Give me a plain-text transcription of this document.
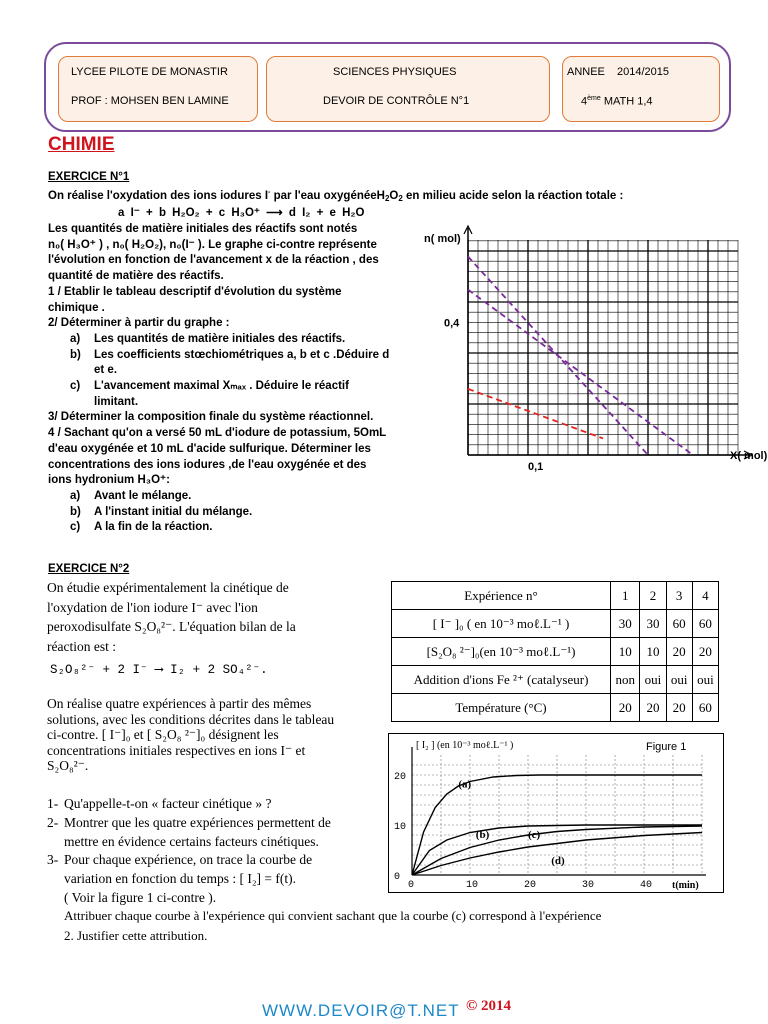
LYCEE PILOTE DE MONASTIR
PROF : MOHSEN BEN LAMINE
SCIENCES PHYSIQUES
DEVOIR DE CONTRÔLE N°1
ANNEE 2014/2015
4ème MATH 1,4
CHIMIE
EXERCICE N°1
On réalise l'oxydation des ions iodures I- par l'eau oxygénéeH2O2 en milieu acide selon la réaction totale :
a I⁻ + b H₂O₂ + c H₃O⁺ ⟶ d I₂ + e H₂O
Les quantités de matière initiales des réactifs sont notés
n₀( H₃O⁺ ) , n₀( H₂O₂), n₀(I⁻ ). Le graphe ci-contre représente
l'évolution en fonction de l'avancement x de la réaction , des
quantité de matière des réactifs.
1 / Etablir le tableau descriptif d'évolution du système
chimique .
2/ Déterminer à partir du graphe :
a) Les quantités de matière initiales des réactifs.
b) Les coefficients stœchiométriques a, b et c .Déduire d
et e.
c) L'avancement maximal Xₘₐₓ . Déduire le réactif
limitant.
3/ Déterminer la composition finale du système réactionnel.
4 / Sachant qu'on a versé 50 mL d'iodure de potassium, 5OmL
d'eau oxygénée et 10 mL d'acide sulfurique. Déterminer les
concentrations des ions iodures ,de l'eau oxygénée et des
ions hydronium H₃O⁺:
a) Avant le mélange.
b) A l'instant initial du mélange.
c) A la fin de la réaction.
n( mol)
X( mol)
0,1
0,4
EXERCICE N°2
On étudie expérimentalement la cinétique de
l'oxydation de l'ion iodure I⁻ avec l'ion
peroxodisulfate S₂O₈²⁻. L'équation bilan de la
réaction est :
On réalise quatre expériences à partir des mêmes
solutions, avec les conditions décrites dans le tableau
ci-contre. [ I⁻]₀ et [ S₂O₈ ²⁻]₀ désignent les
concentrations initiales respectives en ions I⁻ et
S₂O₈²⁻.
1- Qu'appelle-t-on « facteur cinétique » ?
2- Montrer que les quatre expériences permettent de
mettre en évidence certains facteurs cinétiques.
3- Pour chaque expérience, on trace la courbe de
variation en fonction du temps : [ I₂] = f(t).
( Voir la figure 1 ci-contre ).
S₂O₈²⁻ + 2 I⁻ ⟶ I₂ + 2 SO₄²⁻.
Expérience n°	1	2	3	4
[ I⁻ ]₀ ( en 10⁻³ moℓ.L⁻¹ )	30	30	60	60
[S₂O₈ ²⁻]₀(en 10⁻³ moℓ.L⁻¹)	10	10	20	20
Addition d'ions Fe ²⁺ (catalyseur)	non	oui	oui	oui
Température (°C)	20	20	20	60
0	10	20	30	40
0
10
20
(a)
(b)	(c)
(d)
[ I₂ ] (en 10⁻³ moℓ.L⁻¹ )
t(min)
Figure 1
Attribuer chaque courbe à l'expérience qui convient sachant que la courbe (c) correspond à l'expérience
2. Justifier cette attribution.
WWW.DEVOIR@T.NET © 2014
